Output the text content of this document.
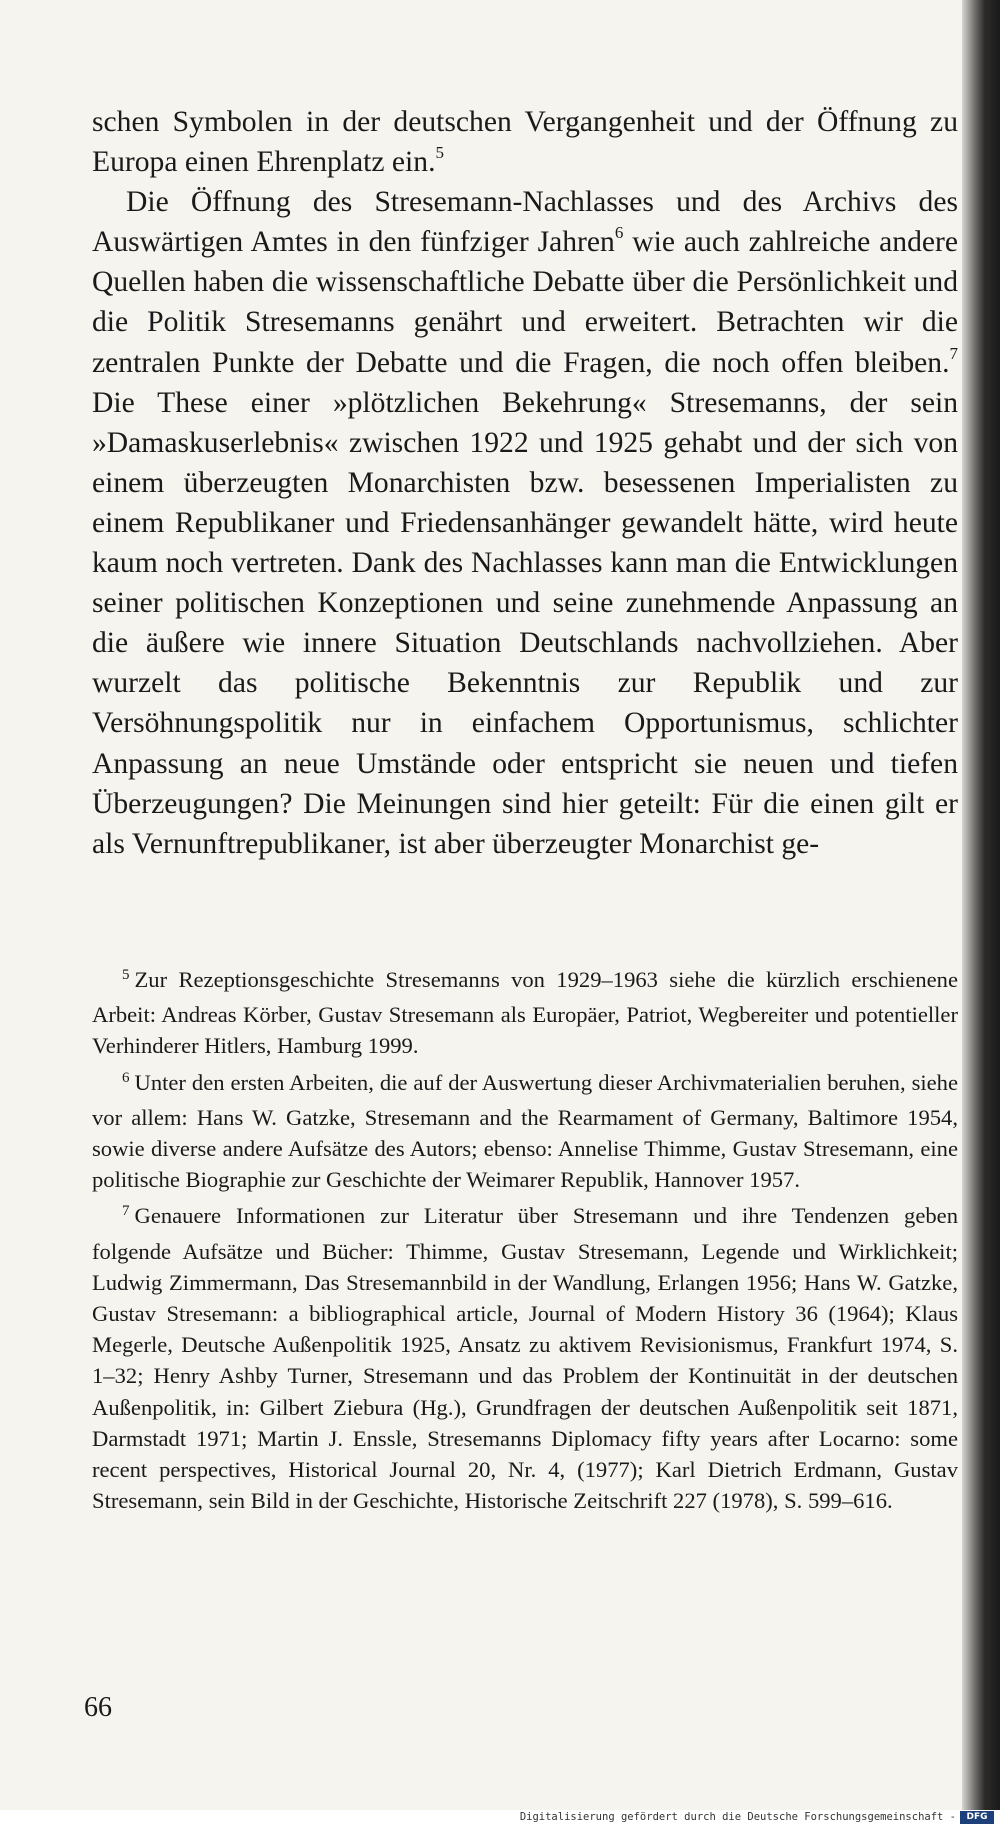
schen Symbolen in der deutschen Vergangenheit und der Öffnung zu Europa einen Ehrenplatz ein.$^5$

Die Öffnung des Stresemann-Nachlasses und des Archivs des Auswärtigen Amtes in den fünfziger Jahren$^6$ wie auch zahlreiche andere Quellen haben die wissenschaftliche Debatte über die Persönlichkeit und die Politik Stresemanns genährt und erweitert. Betrachten wir die zentralen Punkte der Debatte und die Fragen, die noch offen bleiben.$^7$ Die These einer »plötzlichen Bekehrung« Stresemanns, der sein »Damaskuserlebnis« zwischen 1922 und 1925 gehabt und der sich von einem überzeugten Monarchisten bzw. besessenen Imperialisten zu einem Republikaner und Friedensanhänger gewandelt hätte, wird heute kaum noch vertreten. Dank des Nachlasses kann man die Entwicklungen seiner politischen Konzeptionen und seine zunehmende Anpassung an die äußere wie innere Situation Deutschlands nachvollziehen. Aber wurzelt das politische Bekenntnis zur Republik und zur Versöhnungspolitik nur in einfachem Opportunismus, schlichter Anpassung an neue Umstände oder entspricht sie neuen und tiefen Überzeugungen? Die Meinungen sind hier geteilt: Für die einen gilt er als Vernunftrepublikaner, ist aber überzeugter Monarchist ge-

$^5$ Zur Rezeptionsgeschichte Stresemanns von 1929–1963 siehe die kürzlich erschienene Arbeit: Andreas Körber, Gustav Stresemann als Europäer, Patriot, Wegbereiter und potentieller Verhinderer Hitlers, Hamburg 1999.

$^6$ Unter den ersten Arbeiten, die auf der Auswertung dieser Archivmaterialien beruhen, siehe vor allem: Hans W. Gatzke, Stresemann and the Rearmament of Germany, Baltimore 1954, sowie diverse andere Aufsätze des Autors; ebenso: Annelise Thimme, Gustav Stresemann, eine politische Biographie zur Geschichte der Weimarer Republik, Hannover 1957.

$^7$ Genauere Informationen zur Literatur über Stresemann und ihre Tendenzen geben folgende Aufsätze und Bücher: Thimme, Gustav Stresemann, Legende und Wirklichkeit; Ludwig Zimmermann, Das Stresemannbild in der Wandlung, Erlangen 1956; Hans W. Gatzke, Gustav Stresemann: a bibliographical article, Journal of Modern History 36 (1964); Klaus Megerle, Deutsche Außenpolitik 1925, Ansatz zu aktivem Revisionismus, Frankfurt 1974, S. 1–32; Henry Ashby Turner, Stresemann und das Problem der Kontinuität in der deutschen Außenpolitik, in: Gilbert Ziebura (Hg.), Grundfragen der deutschen Außenpolitik seit 1871, Darmstadt 1971; Martin J. Enssle, Stresemanns Diplomacy fifty years after Locarno: some recent perspectives, Historical Journal 20, Nr. 4, (1977); Karl Dietrich Erdmann, Gustav Stresemann, sein Bild in der Geschichte, Historische Zeitschrift 227 (1978), S. 599–616.

66
Digitalisierung gefördert durch die Deutsche Forschungsgemeinschaft -	DFG
